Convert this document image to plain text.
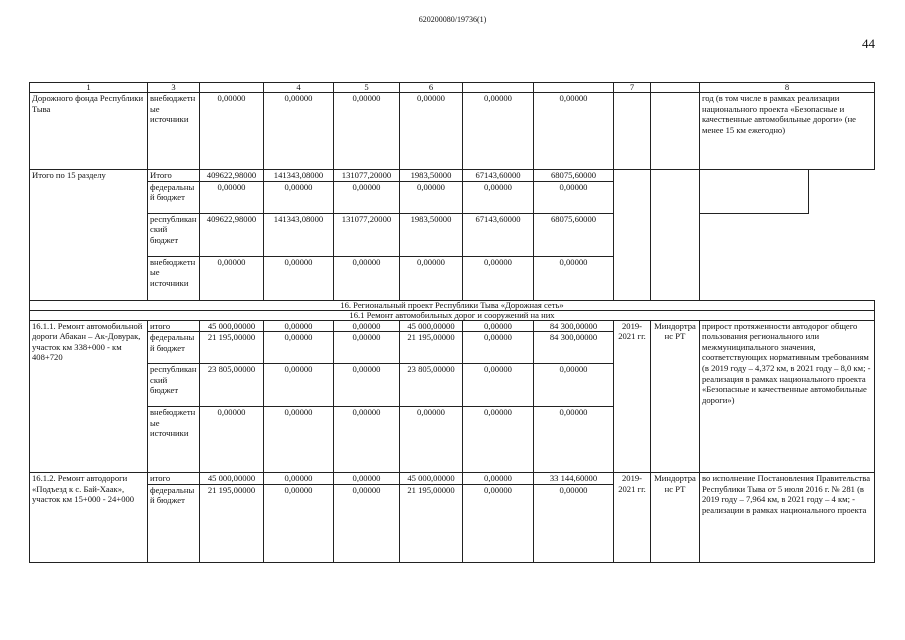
620200080/19736(1)
44
1	3		4	5	6			7		8	
Дорожного фонда Республики Тыва	внебюджетные источники	0,00000	0,00000	0,00000	0,00000	0,00000	0,00000			год (в том числе в рамках реализации национального проекта «Безопасные и качественные автомобильные дороги» (не менее 15 км ежегодно)	
Итого по 15 разделу	Итого	409622,98000	141343,08000	131077,20000	1983,50000	67143,60000	68075,60000				
	федеральный бюджет	0,00000	0,00000	0,00000	0,00000	0,00000	0,00000				
	республиканский бюджет	409622,98000	141343,08000	131077,20000	1983,50000	67143,60000	68075,60000				
	внебюджетные источники	0,00000	0,00000	0,00000	0,00000	0,00000	0,00000				
16. Региональный проект Республики Тыва «Дорожная сеть»											
16.1 Ремонт автомобильных дорог и сооружений на них											
16.1.1. Ремонт автомобильной дороги Абакан – Ак-Довурак, участок км 338+000 - км 408+720	итого	45 000,00000	0,00000	0,00000	45 000,00000	0,00000	84 300,00000	2019-2021 гг.	Миндортранс РТ	прирост протяженности автодорог общего пользования регионального или межмуниципального значения, соответствующих нормативным требованиям (в 2019 году – 4,372 км, в 2021 году – 8,0 км; - реализация в рамках национального проекта «Безопасные и качественные автомобильные дороги»)	
	федеральный бюджет	21 195,00000	0,00000	0,00000	21 195,00000	0,00000	84 300,00000				
	республиканский бюджет	23 805,00000	0,00000	0,00000	23 805,00000	0,00000	0,00000				
	внебюджетные источники	0,00000	0,00000	0,00000	0,00000	0,00000	0,00000				
16.1.2. Ремонт автодороги «Подъезд к с. Бай-Хаак», участок км 15+000 - 24+000	итого	45 000,00000	0,00000	0,00000	45 000,00000	0,00000	33 144,60000	2019-2021 гг.	Миндортранс РТ	во исполнение Постановления Правительства Республики Тыва от 5 июля 2016 г. № 281 (в 2019 году – 7,964 км, в 2021 году – 4 км; - реализации в рамках национального проекта	
	федеральный бюджет	21 195,00000	0,00000	0,00000	21 195,00000	0,00000	0,00000				
